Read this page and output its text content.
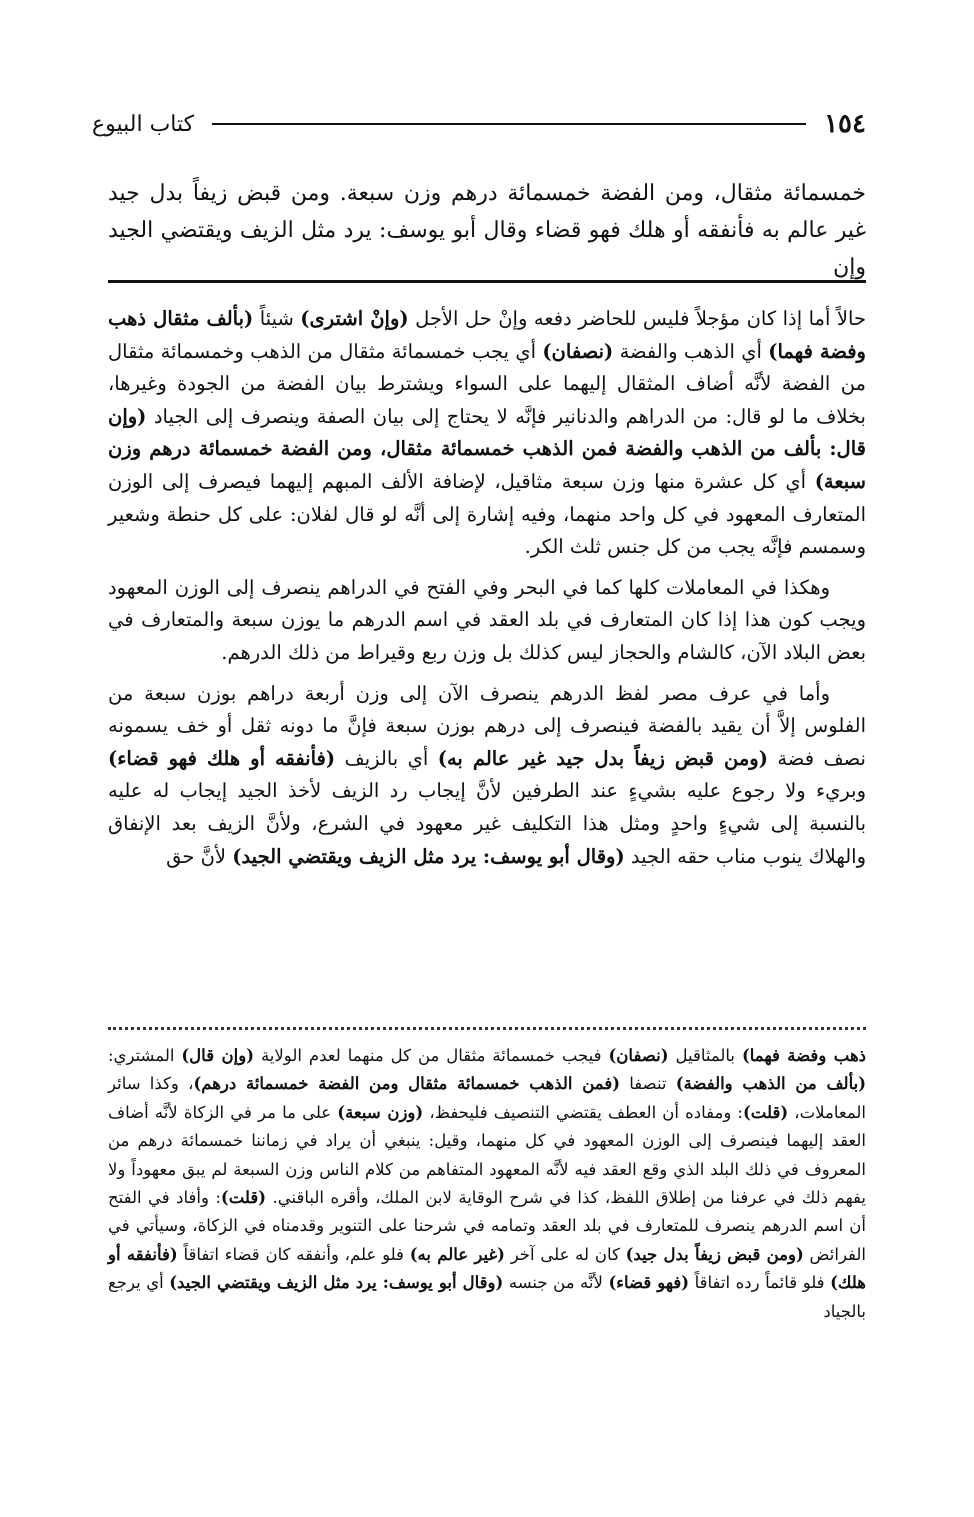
١٥٤
كتاب البيوع

خمسمائة مثقال، ومن الفضة خمسمائة درهم وزن سبعة. ومن قبض زيفاً بدل جيد غير عالم به فأنفقه أو هلك فهو قضاء وقال أبو يوسف: يرد مثل الزيف ويقتضي الجيد وإن

حالاً أما إذا كان مؤجلاً فليس للحاضر دفعه وإنْ حل الأجل (وإنْ اشترى) شيئاً (بألف مثقال ذهب وفضة فهما) أي الذهب والفضة (نصفان) أي يجب خمسمائة مثقال من الذهب وخمسمائة مثقال من الفضة لأنَّه أضاف المثقال إليهما على السواء ويشترط بيان الفضة من الجودة وغيرها، بخلاف ما لو قال: من الدراهم والدنانير فإنَّه لا يحتاج إلى بيان الصفة وينصرف إلى الجياد (وإن قال: بألف من الذهب والفضة فمن الذهب خمسمائة مثقال، ومن الفضة خمسمائة درهم وزن سبعة) أي كل عشرة منها وزن سبعة مثاقيل، لإضافة الألف المبهم إليهما فيصرف إلى الوزن المتعارف المعهود في كل واحد منهما، وفيه إشارة إلى أنَّه لو قال لفلان: على كل حنطة وشعير وسمسم فإنَّه يجب من كل جنس ثلث الكر.

وهكذا في المعاملات كلها كما في البحر وفي الفتح في الدراهم ينصرف إلى الوزن المعهود ويجب كون هذا إذا كان المتعارف في بلد العقد في اسم الدرهم ما يوزن سبعة والمتعارف في بعض البلاد الآن، كالشام والحجاز ليس كذلك بل وزن ربع وقيراط من ذلك الدرهم.

وأما في عرف مصر لفظ الدرهم ينصرف الآن إلى وزن أربعة دراهم بوزن سبعة من الفلوس إلاَّ أن يقيد بالفضة فينصرف إلى درهم بوزن سبعة فإنَّ ما دونه ثقل أو خف يسمونه نصف فضة (ومن قبض زيفاً بدل جيد غير عالم به) أي بالزيف (فأنفقه أو هلك فهو قضاء) وبريء ولا رجوع عليه بشيءٍ عند الطرفين لأنَّ إيجاب رد الزيف لأخذ الجيد إيجاب له عليه بالنسبة إلى شيءٍ واحدٍ ومثل هذا التكليف غير معهود في الشرع، ولأنَّ الزيف بعد الإنفاق والهلاك ينوب مناب حقه الجيد (وقال أبو يوسف: يرد مثل الزيف ويقتضي الجيد) لأنَّ حق

ذهب وفضة فهما) بالمثاقيل (نصفان) فيجب خمسمائة مثقال من كل منهما لعدم الولاية (وإن قال) المشتري: (بألف من الذهب والفضة) تنصفا (فمن الذهب خمسمائة مثقال ومن الفضة خمسمائة درهم)، وكذا سائر المعاملات، (قلت): ومفاده أن العطف يقتضي التنصيف فليحفظ، (وزن سبعة) على ما مر في الزكاة لأنَّه أضاف العقد إليهما فينصرف إلى الوزن المعهود في كل منهما، وقيل: ينبغي أن يراد في زماننا خمسمائة درهم من المعروف في ذلك البلد الذي وقع العقد فيه لأنَّه المعهود المتفاهم من كلام الناس وزن السبعة لم يبق معهوداً ولا يفهم ذلك في عرفنا من إطلاق اللفظ، كذا في شرح الوقاية لابن الملك، وأقره الباقني. (قلت): وأفاد في الفتح أن اسم الدرهم ينصرف للمتعارف في بلد العقد وتمامه في شرحنا على التنوير وقدمناه في الزكاة، وسيأتي في الفرائض (ومن قبض زيفاً بدل جيد) كان له على آخر (غير عالم به) فلو علم، وأنفقه كان قضاء اتفاقاً (فأنفقه أو هلك) فلو قائماً رده اتفاقاً (فهو قضاء) لأنَّه من جنسه (وقال أبو يوسف: يرد مثل الزيف ويقتضي الجيد) أي يرجع بالجياد
